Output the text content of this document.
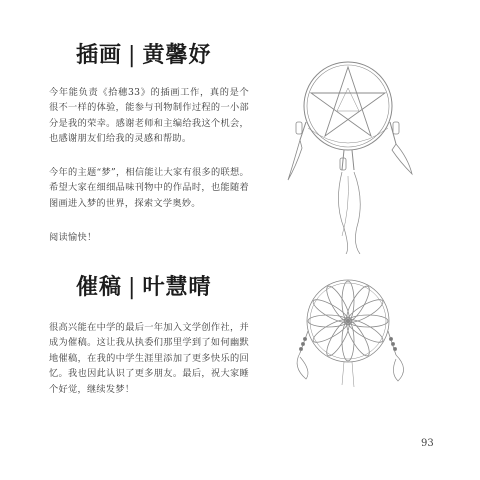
插画 | 黄馨妤

今年能负责《拾穗33》的插画工作，真的是个很不一样的体验，能参与刊物制作过程的一小部分是我的荣幸。感谢老师和主编给我这个机会，也感谢朋友们给我的灵感和帮助。

今年的主题“梦”，相信能让大家有很多的联想。希望大家在细细品味刊物中的作品时，也能随着图画进入梦的世界，探索文学奥妙。

阅读愉快！

催稿 | 叶慧晴

很高兴能在中学的最后一年加入文学创作社，并成为催稿。这让我从执委们那里学到了如何幽默地催稿，在我的中学生涯里添加了更多快乐的回忆。我也因此认识了更多朋友。最后，祝大家睡个好觉，继续发梦！

93
